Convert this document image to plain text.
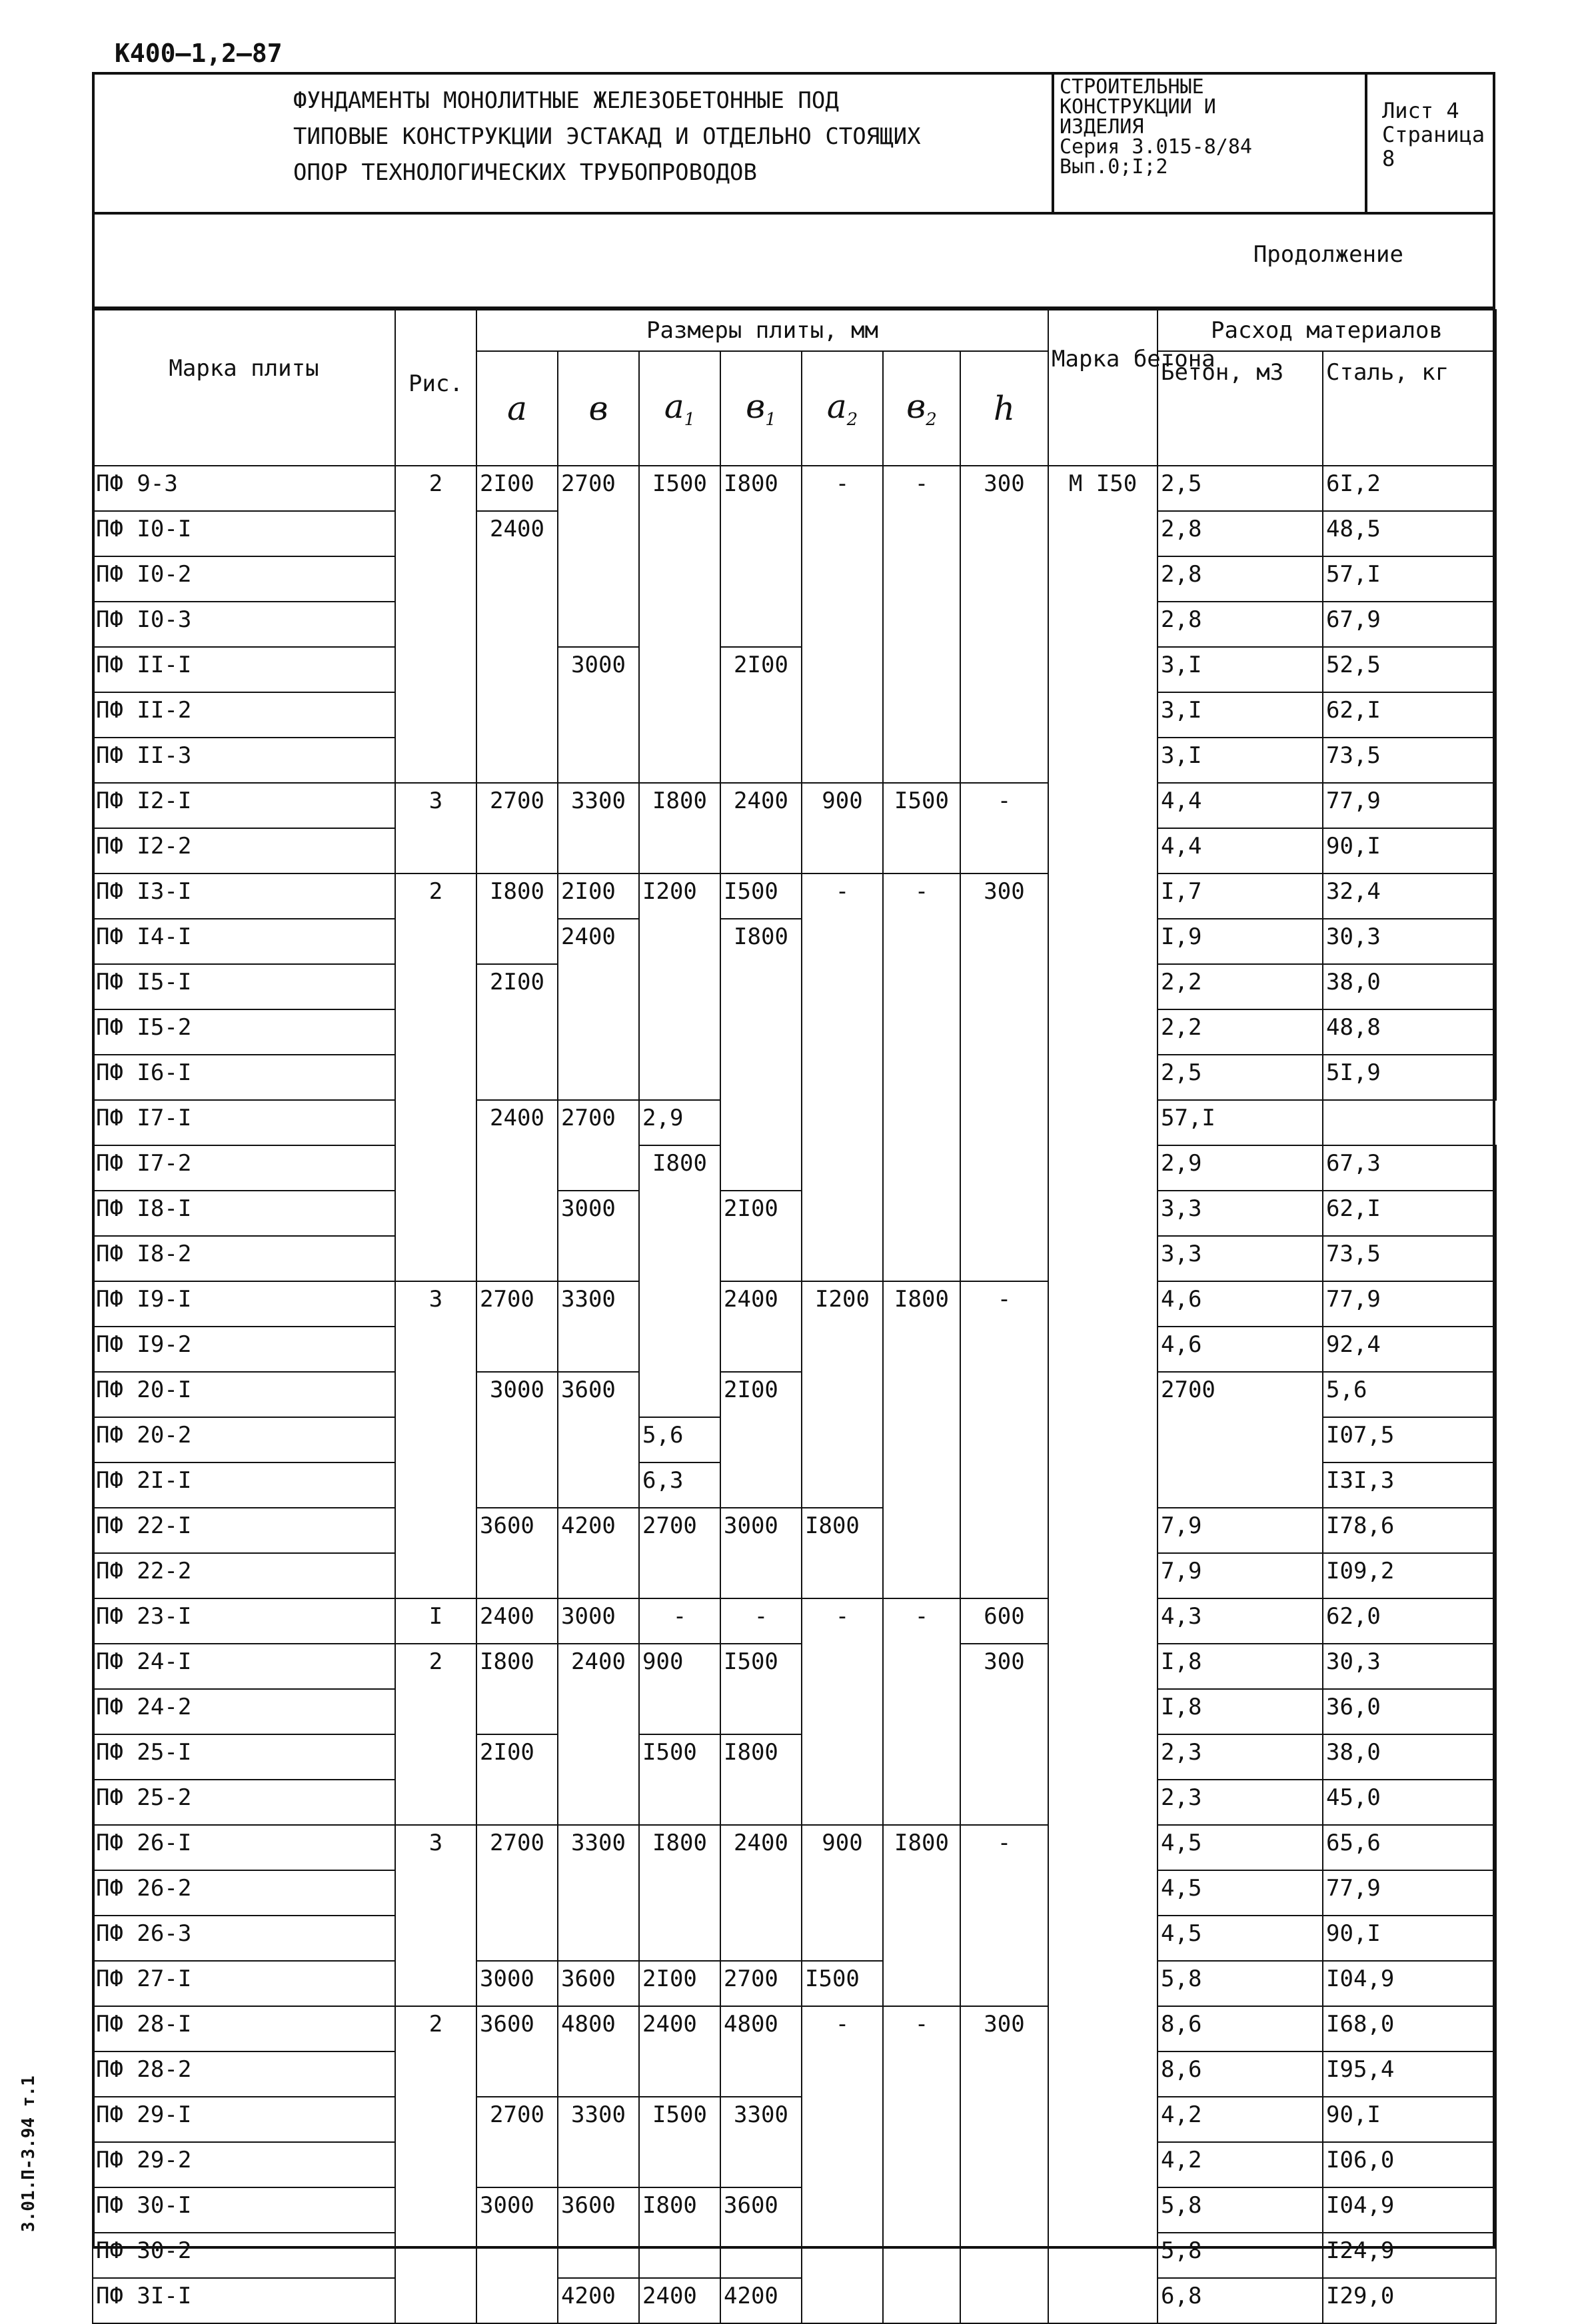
К400—1,2—87
3.01.П-3.94 т.1
ФУНДАМЕНТЫ МОНОЛИТНЫЕ ЖЕЛЕЗОБЕТОННЫЕ ПОД
ТИПОВЫЕ КОНСТРУКЦИИ ЭСТАКАД И ОТДЕЛЬНО СТОЯЩИХ
ОПОР ТЕХНОЛОГИЧЕСКИХ ТРУБОПРОВОДОВ
СТРОИТЕЛЬНЫЕ
КОНСТРУКЦИИ И
ИЗДЕЛИЯ
Серия 3.015-8/84
Вып.0;I;2
Лист 4
Страница 8
Продолжение
Марка плиты	Рис.	Размеры плиты, мм							Марка бетона	Расход материалов		
		a	в	$a_1$	$в_1$	$a_2$	$в_2$	h		Бетон, м3	Сталь, кг	
ПФ 9-3	2	2I00	2700	I500	I800	-	-	300	М I50	2,5	6I,2	
ПФ I0-I		2400								2,8	48,5	
ПФ I0-2										2,8	57,I	
ПФ I0-3										2,8	67,9	
ПФ II-I			3000		2I00					3,I	52,5	
ПФ II-2										3,I	62,I	
ПФ II-3										3,I	73,5	
ПФ I2-I	3	2700	3300	I800	2400	900	I500	-		4,4	77,9	
ПФ I2-2										4,4	90,I	
ПФ I3-I	2	I800	2I00	I200	I500	-	-	300		I,7	32,4	
ПФ I4-I			2400		I800					I,9	30,3	
ПФ I5-I		2I00								2,2	38,0	
ПФ I5-2										2,2	48,8	
ПФ I6-I										2,5	5I,9	
ПФ I7-I		2400	2700	2,9						57,I		
ПФ I7-2				I800						2,9	67,3	
ПФ I8-I			3000		2I00					3,3	62,I	
ПФ I8-2										3,3	73,5	
ПФ I9-I	3	2700	3300		2400	I200	I800	-		4,6	77,9	
ПФ I9-2										4,6	92,4	
ПФ 20-I		3000	3600		2I00					2700	5,6	
ПФ 20-2				5,6							I07,5	
ПФ 2I-I				6,3							I3I,3	
ПФ 22-I		3600	4200	2700	3000	I800				7,9	I78,6	
ПФ 22-2										7,9	I09,2	
ПФ 23-I	I	2400	3000	-	-	-	-	600		4,3	62,0	
ПФ 24-I	2	I800	2400	900	I500			300		I,8	30,3	
ПФ 24-2										I,8	36,0	
ПФ 25-I		2I00		I500	I800					2,3	38,0	
ПФ 25-2										2,3	45,0	
ПФ 26-I	3	2700	3300	I800	2400	900	I800	-		4,5	65,6	
ПФ 26-2										4,5	77,9	
ПФ 26-3										4,5	90,I	
ПФ 27-I		3000	3600	2I00	2700	I500				5,8	I04,9	
ПФ 28-I	2	3600	4800	2400	4800	-	-	300		8,6	I68,0	
ПФ 28-2										8,6	I95,4	
ПФ 29-I		2700	3300	I500	3300					4,2	90,I	
ПФ 29-2										4,2	I06,0	
ПФ 30-I		3000	3600	I800	3600					5,8	I04,9	
ПФ 30-2										5,8	I24,9	
ПФ 3I-I			4200	2400	4200					6,8	I29,0	
